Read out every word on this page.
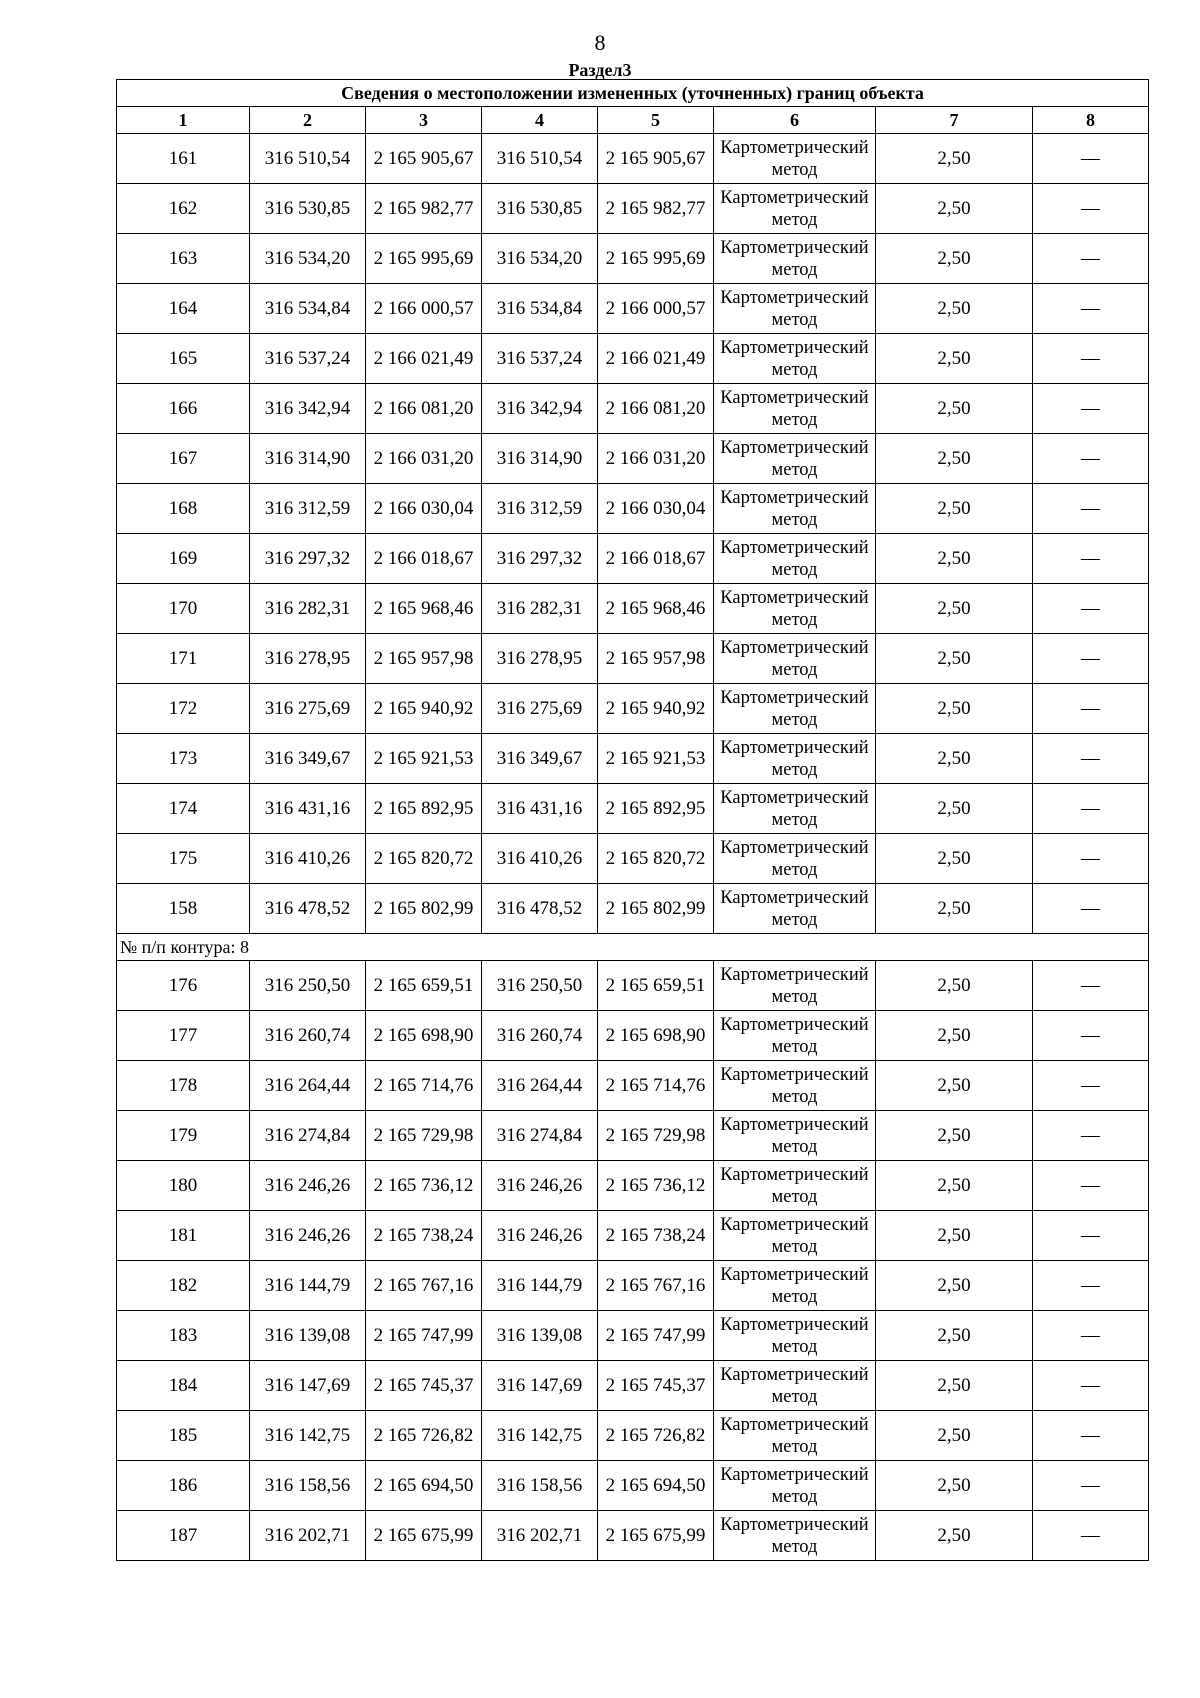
8
Раздел3
Сведения о местоположении измененных (уточненных) границ объекта							
1	2	3	4	5	6	7	8
161	316 510,54	2 165 905,67	316 510,54	2 165 905,67	Картометрический метод	2,50	—
162	316 530,85	2 165 982,77	316 530,85	2 165 982,77	Картометрический метод	2,50	—
163	316 534,20	2 165 995,69	316 534,20	2 165 995,69	Картометрический метод	2,50	—
164	316 534,84	2 166 000,57	316 534,84	2 166 000,57	Картометрический метод	2,50	—
165	316 537,24	2 166 021,49	316 537,24	2 166 021,49	Картометрический метод	2,50	—
166	316 342,94	2 166 081,20	316 342,94	2 166 081,20	Картометрический метод	2,50	—
167	316 314,90	2 166 031,20	316 314,90	2 166 031,20	Картометрический метод	2,50	—
168	316 312,59	2 166 030,04	316 312,59	2 166 030,04	Картометрический метод	2,50	—
169	316 297,32	2 166 018,67	316 297,32	2 166 018,67	Картометрический метод	2,50	—
170	316 282,31	2 165 968,46	316 282,31	2 165 968,46	Картометрический метод	2,50	—
171	316 278,95	2 165 957,98	316 278,95	2 165 957,98	Картометрический метод	2,50	—
172	316 275,69	2 165 940,92	316 275,69	2 165 940,92	Картометрический метод	2,50	—
173	316 349,67	2 165 921,53	316 349,67	2 165 921,53	Картометрический метод	2,50	—
174	316 431,16	2 165 892,95	316 431,16	2 165 892,95	Картометрический метод	2,50	—
175	316 410,26	2 165 820,72	316 410,26	2 165 820,72	Картометрический метод	2,50	—
158	316 478,52	2 165 802,99	316 478,52	2 165 802,99	Картометрический метод	2,50	—
№ п/п контура: 8							
176	316 250,50	2 165 659,51	316 250,50	2 165 659,51	Картометрический метод	2,50	—
177	316 260,74	2 165 698,90	316 260,74	2 165 698,90	Картометрический метод	2,50	—
178	316 264,44	2 165 714,76	316 264,44	2 165 714,76	Картометрический метод	2,50	—
179	316 274,84	2 165 729,98	316 274,84	2 165 729,98	Картометрический метод	2,50	—
180	316 246,26	2 165 736,12	316 246,26	2 165 736,12	Картометрический метод	2,50	—
181	316 246,26	2 165 738,24	316 246,26	2 165 738,24	Картометрический метод	2,50	—
182	316 144,79	2 165 767,16	316 144,79	2 165 767,16	Картометрический метод	2,50	—
183	316 139,08	2 165 747,99	316 139,08	2 165 747,99	Картометрический метод	2,50	—
184	316 147,69	2 165 745,37	316 147,69	2 165 745,37	Картометрический метод	2,50	—
185	316 142,75	2 165 726,82	316 142,75	2 165 726,82	Картометрический метод	2,50	—
186	316 158,56	2 165 694,50	316 158,56	2 165 694,50	Картометрический метод	2,50	—
187	316 202,71	2 165 675,99	316 202,71	2 165 675,99	Картометрический метод	2,50	—
